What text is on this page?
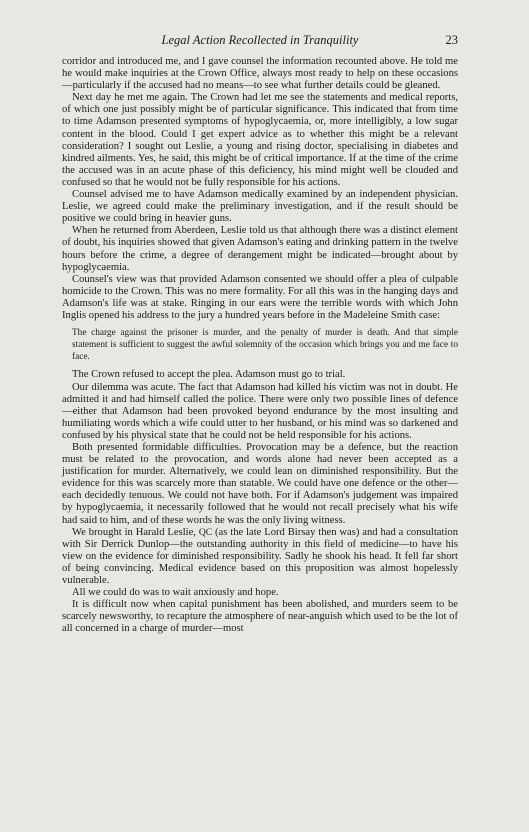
Legal Action Recollected in Tranquility	23

corridor and introduced me, and I gave counsel the information recounted above. He told me he would make inquiries at the Crown Office, always most ready to help on these occasions—particularly if the accused had no means—to see what further details could be gleaned.

Next day he met me again. The Crown had let me see the statements and medical reports, of which one just possibly might be of particular significance. This indicated that from time to time Adamson presented symptoms of hypoglycaemia, or, more intelligibly, a low sugar content in the blood. Could I get expert advice as to whether this might be a relevant consideration? I sought out Leslie, a young and rising doctor, specialising in diabetes and kindred ailments. Yes, he said, this might be of critical importance. If at the time of the crime the accused was in an acute phase of this deficiency, his mind might well be clouded and confused so that he would not be fully responsible for his actions.

Counsel advised me to have Adamson medically examined by an independent physician. Leslie, we agreed could make the preliminary investigation, and if the result should be positive we could bring in heavier guns.

When he returned from Aberdeen, Leslie told us that although there was a distinct element of doubt, his inquiries showed that given Adamson's eating and drinking pattern in the twelve hours before the crime, a degree of derangement might be indicated—brought about by hypoglycaemia.

Counsel's view was that provided Adamson consented we should offer a plea of culpable homicide to the Crown. This was no mere formality. For all this was in the hanging days and Adamson's life was at stake. Ringing in our ears were the terrible words with which John Inglis opened his address to the jury a hundred years before in the Madeleine Smith case:

The charge against the prisoner is murder, and the penalty of murder is death. And that simple statement is sufficient to suggest the awful solemnity of the occasion which brings you and me face to face.

The Crown refused to accept the plea. Adamson must go to trial.

Our dilemma was acute. The fact that Adamson had killed his victim was not in doubt. He admitted it and had himself called the police. There were only two possible lines of defence—either that Adamson had been provoked beyond endurance by the most insulting and humiliating words which a wife could utter to her husband, or his mind was so darkened and confused by his physical state that he could not be held responsible for his actions.

Both presented formidable difficulties. Provocation may be a defence, but the reaction must be related to the provocation, and words alone had never been accepted as a justification for murder. Alternatively, we could lean on diminished responsibility. But the evidence for this was scarcely more than statable. We could have one defence or the other—each decidedly tenuous. We could not have both. For if Adamson's judgement was impaired by hypoglycaemia, it necessarily followed that he would not recall precisely what his wife had said to him, and of these words he was the only living witness.

We brought in Harald Leslie, QC (as the late Lord Birsay then was) and had a consultation with Sir Derrick Dunlop—the outstanding authority in this field of medicine—to have his view on the evidence for diminished responsibility. Sadly he shook his head. It fell far short of being convincing. Medical evidence based on this proposition was almost hopelessly vulnerable.

All we could do was to wait anxiously and hope.

It is difficult now when capital punishment has been abolished, and murders seem to be scarcely newsworthy, to recapture the atmosphere of near-anguish which used to be the lot of all concerned in a charge of murder—most
